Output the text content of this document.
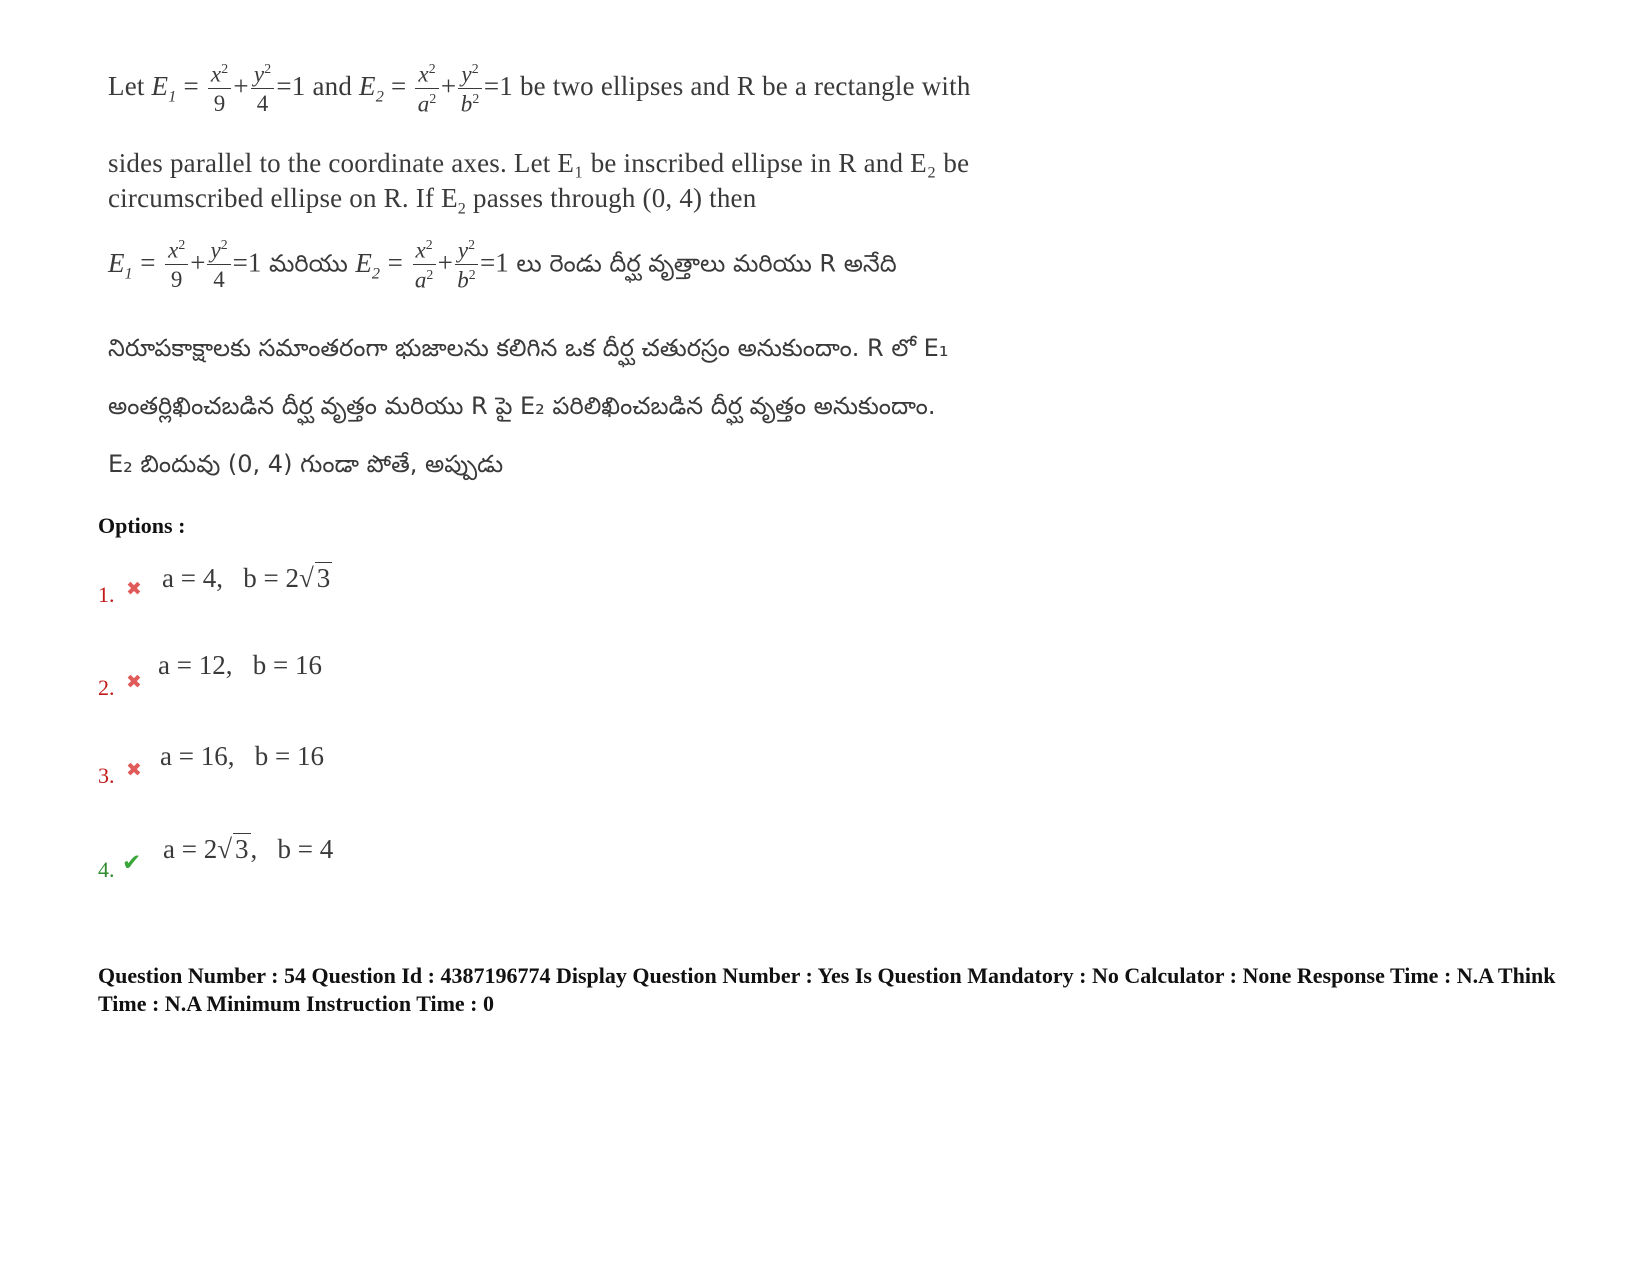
Let $E_1 = \frac{x^2}{9} + \frac{y^2}{4} =1$ and $E_2 = \frac{x^2}{a^2} + \frac{y^2}{b^2} =1$ be two ellipses and R be a rectangle with
sides parallel to the coordinate axes. Let E₁ be inscribed ellipse in R and E₂ be
circumscribed ellipse on R. If $E_2$ passes through (0, 4) then
$E_1 = \frac{x^2}{9} + \frac{y^2}{4} =1$ మరియు $E_2 = \frac{x^2}{a^2} + \frac{y^2}{b^2} =1$ లు రెండు దీర్ఘ వృత్తాలు మరియు R అనేది
నిరూపకాక్షాలకు సమాంతరంగా భుజాలను కలిగిన ఒక దీర్ఘ చతురస్రం అనుకుందాం. R లో E₁
అంతర్లిఖించబడిన దీర్ఘ వృత్తం మరియు R పై E₂ పరిలిఖించబడిన దీర్ఘ వృత్తం అనుకుందాం.
E₂ బిందువు (0, 4) గుండా పోతే, అప్పుడు
Options :
1. ✖ a = 4, b = 2√ 3
2. ✖
a = 12, b = 16
3. ✖ a = 16, b = 16
4. ✔ a = 2√ 3, b = 4
Question Number : 54 Question Id : 4387196774 Display Question Number : Yes Is Question Mandatory : No Calculator : None Response Time : N.A Think Time : N.A Minimum Instruction Time : 0
